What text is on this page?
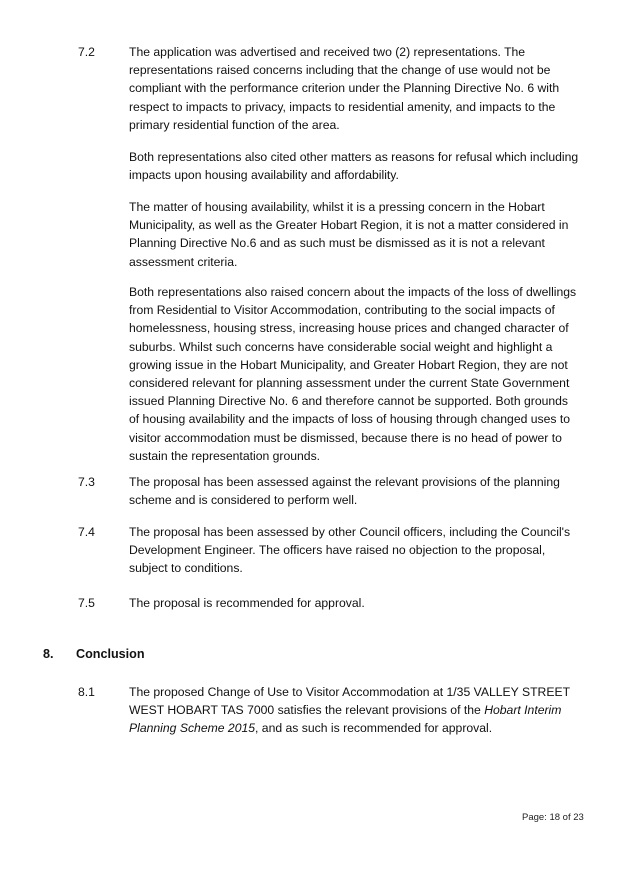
7.2	The application was advertised and received two (2) representations. The representations raised concerns including that the change of use would not be compliant with the performance criterion under the Planning Directive No. 6 with respect to impacts to privacy, impacts to residential amenity, and impacts to the primary residential function of the area.

Both representations also cited other matters as reasons for refusal which including impacts upon housing availability and affordability.

The matter of housing availability, whilst it is a pressing concern in the Hobart Municipality, as well as the Greater Hobart Region, it is not a matter considered in Planning Directive No.6 and as such must be dismissed as it is not a relevant assessment criteria.

Both representations also raised concern about the impacts of the loss of dwellings from Residential to Visitor Accommodation, contributing to the social impacts of homelessness, housing stress, increasing house prices and changed character of suburbs. Whilst such concerns have considerable social weight and highlight a growing issue in the Hobart Municipality, and Greater Hobart Region, they are not considered relevant for planning assessment under the current State Government issued Planning Directive No. 6 and therefore cannot be supported. Both grounds of housing availability and the impacts of loss of housing through changed uses to visitor accommodation must be dismissed, because there is no head of power to sustain the representation grounds.

7.3	The proposal has been assessed against the relevant provisions of the planning scheme and is considered to perform well.

7.4	The proposal has been assessed by other Council officers, including the Council's Development Engineer. The officers have raised no objection to the proposal, subject to conditions.

7.5	The proposal is recommended for approval.

8. Conclusion
8.1	The proposed Change of Use to Visitor Accommodation at 1/35 VALLEY STREET WEST HOBART TAS 7000 satisfies the relevant provisions of the Hobart Interim Planning Scheme 2015, and as such is recommended for approval.

Page: 18 of 23
